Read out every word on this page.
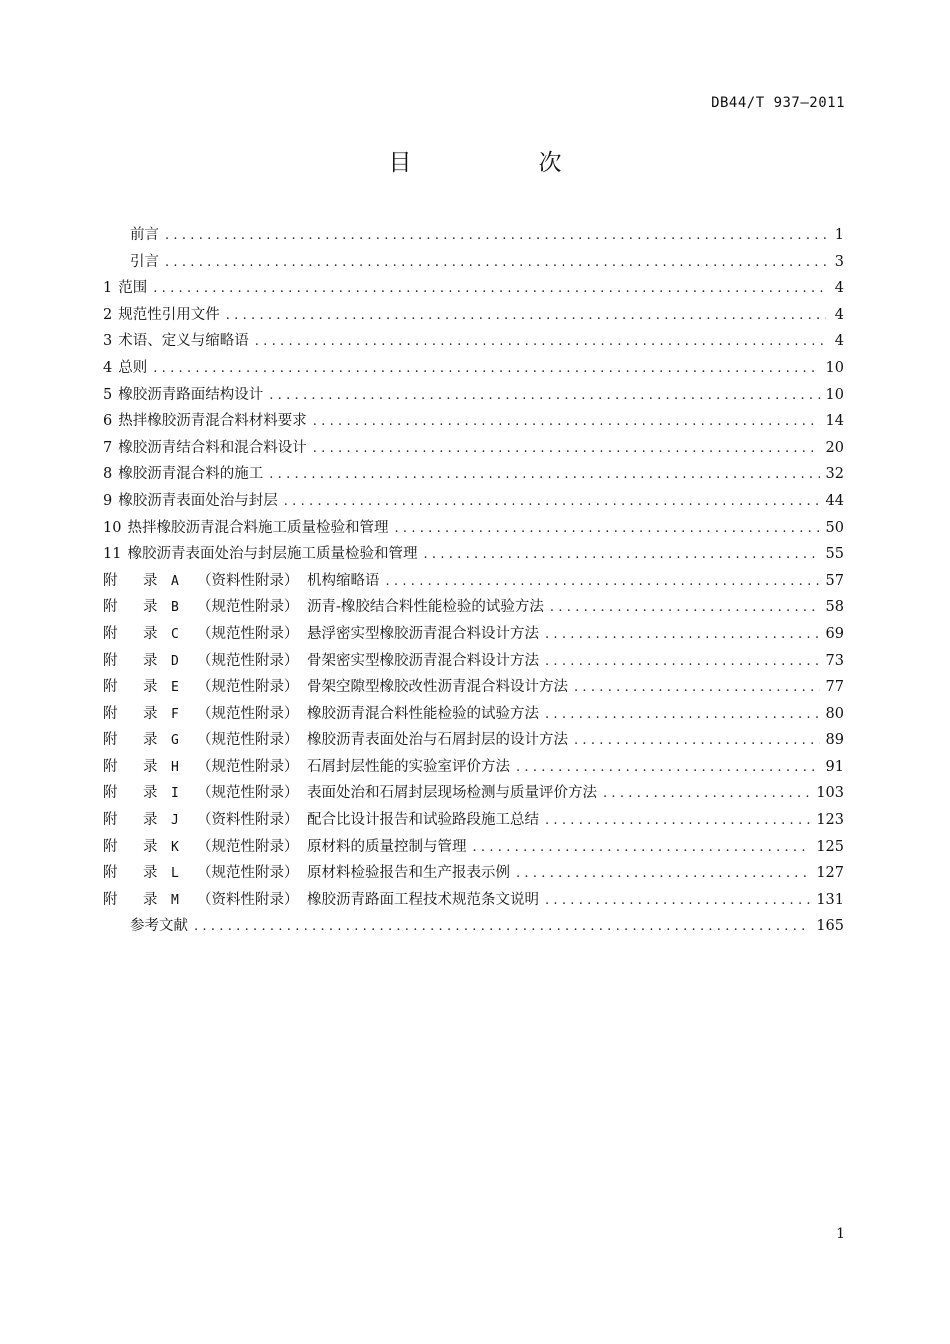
DB44/T 937—2011
目　次
前言 .....	1
引言 .....	3
1 范围 .....	4
2 规范性引用文件 .....	4
3 术语、定义与缩略语 .....	4
4 总则 .....	10
5 橡胶沥青路面结构设计 .....	10
6 热拌橡胶沥青混合料材料要求 .....	14
7 橡胶沥青结合料和混合料设计 .....	20
8 橡胶沥青混合料的施工 .....	32
9 橡胶沥青表面处治与封层 .....	44
10 热拌橡胶沥青混合料施工质量检验和管理 .....	50
11 橡胶沥青表面处治与封层施工质量检验和管理 .....	55
附	录	A	（资料性附录） 机构缩略语 .....	57
附	录	B	（规范性附录） 沥青-橡胶结合料性能检验的试验方法 .....	58
附	录	C	（规范性附录） 悬浮密实型橡胶沥青混合料设计方法 .....	69
附	录	D	（规范性附录） 骨架密实型橡胶沥青混合料设计方法 .....	73
附	录	E	（规范性附录） 骨架空隙型橡胶改性沥青混合料设计方法 .....	77
附	录	F	（规范性附录） 橡胶沥青混合料性能检验的试验方法 .....	80
附	录	G	（规范性附录） 橡胶沥青表面处治与石屑封层的设计方法 .....	89
附	录	H	（规范性附录） 石屑封层性能的实验室评价方法 .....	91
附	录	I	（规范性附录） 表面处治和石屑封层现场检测与质量评价方法 .....	103
附	录	J	（资料性附录） 配合比设计报告和试验路段施工总结 .....	123
附	录	K	（规范性附录） 原材料的质量控制与管理 .....	125
附	录	L	（规范性附录） 原材料检验报告和生产报表示例 .....	127
附	录	M	（资料性附录） 橡胶沥青路面工程技术规范条文说明 .....	131
参考文献 .....	165
1
